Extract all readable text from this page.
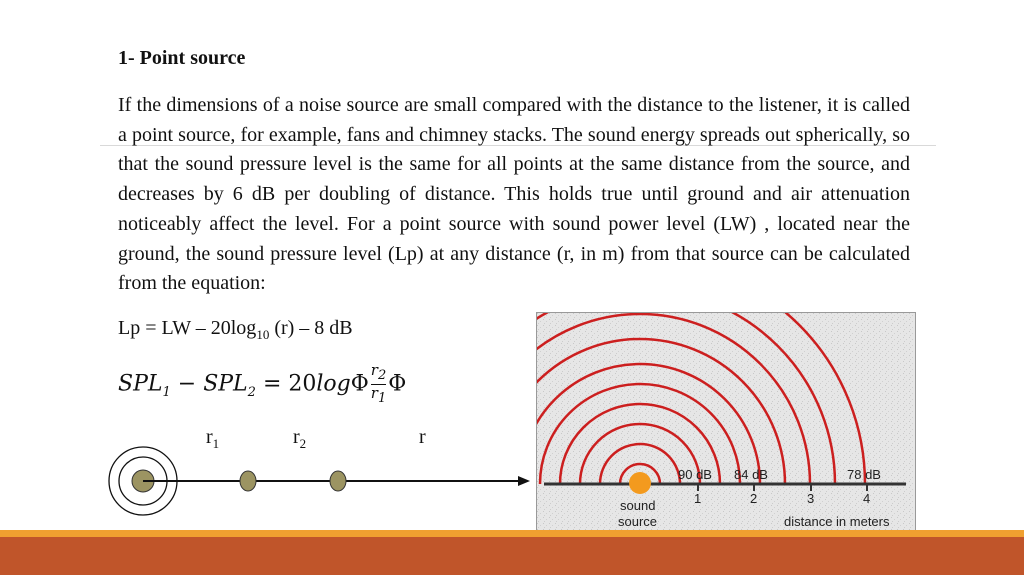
1- Point source
If the dimensions of a noise source are small compared with the distance to the listener, it is called a point source, for example, fans and chimney stacks. The sound energy spreads out spherically, so that the sound pressure level is the same for all points at the same distance from the source, and decreases by 6 dB per doubling of distance. This holds true until ground and air attenuation noticeably affect the level. For a point source with sound power level (LW) , located near the ground, the sound pressure level (Lp) at any distance (r, in m) from that source can be calculated from the equation:
Lp = LW – $20\log_{10}$ (r) – 8 dB
$SPL_1 - SPL_2 = 20\log\Phi \frac{r_2}{r_1}$ Φ
$r_1$	$r_2$	r
90 dB 84 dB	78 dB
1	2	3	4
sound
source	distance in meters
